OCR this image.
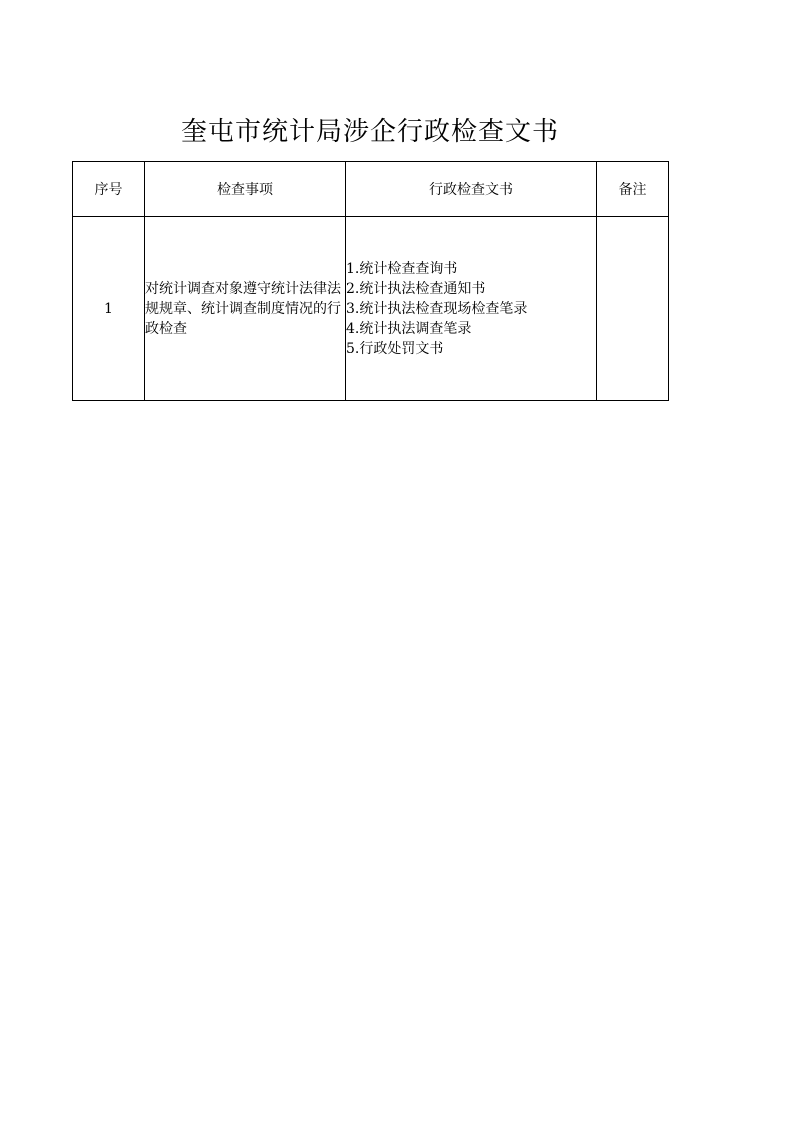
奎屯市统计局涉企行政检查文书
序号	检查事项	行政检查文书	备注
1	对统计调查对象遵守统计法律法规规章、统计调查制度情况的行政检查	1.统计检查查询书
2.统计执法检查通知书
3.统计执法检查现场检查笔录
4.统计执法调查笔录
5.行政处罚文书	
